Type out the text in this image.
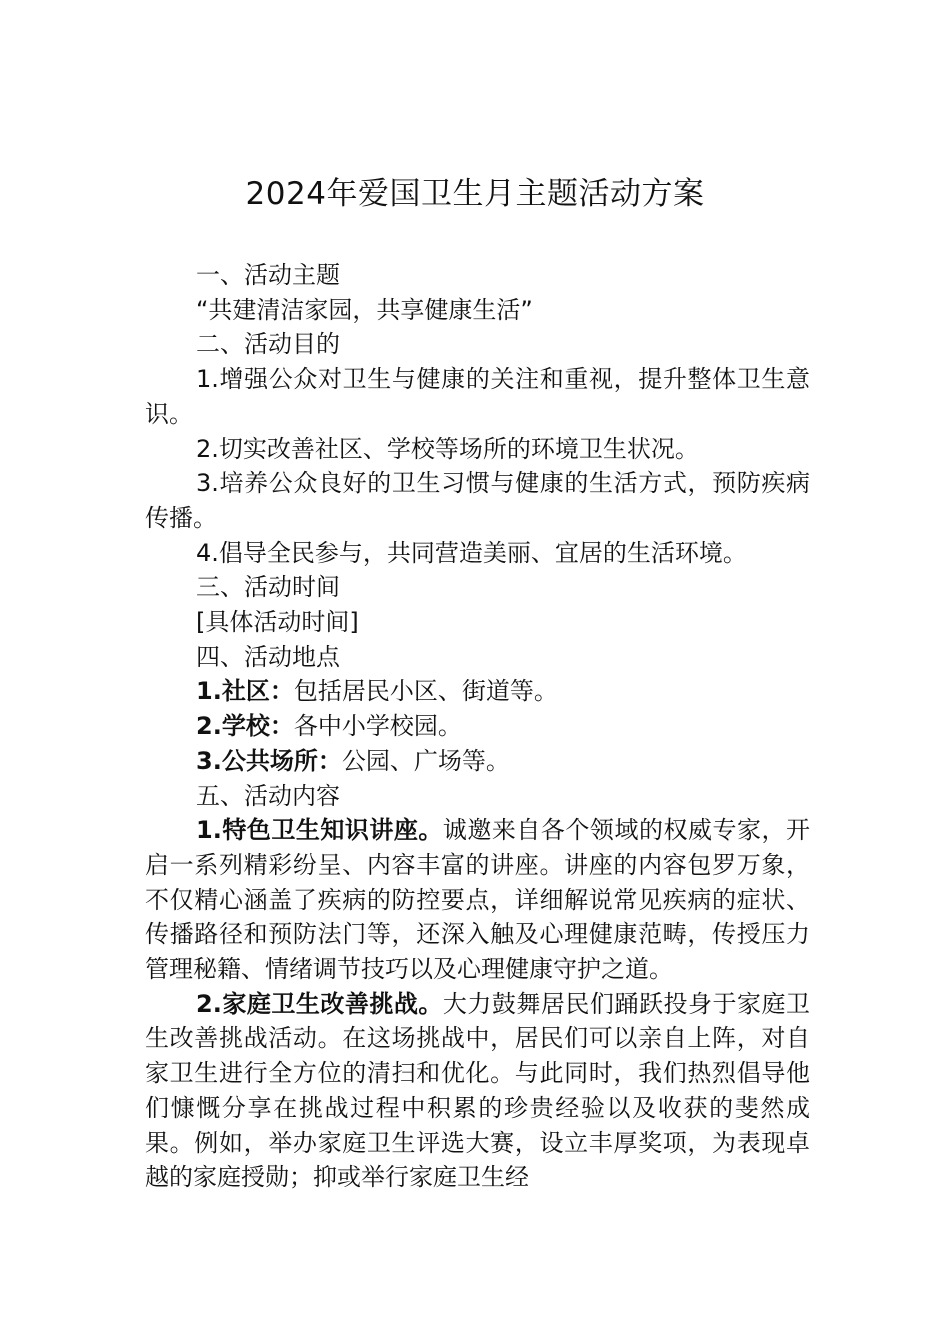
2024年爱国卫生月主题活动方案

一、活动主题

“共建清洁家园，共享健康生活”

二、活动目的

1.增强公众对卫生与健康的关注和重视，提升整体卫生意识。

2.切实改善社区、学校等场所的环境卫生状况。

3.培养公众良好的卫生习惯与健康的生活方式，预防疾病传播。

4.倡导全民参与，共同营造美丽、宜居的生活环境。

三、活动时间

[具体活动时间]

四、活动地点

1.社区：包括居民小区、街道等。

2.学校：各中小学校园。

3.公共场所：公园、广场等。

五、活动内容

1.特色卫生知识讲座。诚邀来自各个领域的权威专家，开启一系列精彩纷呈、内容丰富的讲座。讲座的内容包罗万象，不仅精心涵盖了疾病的防控要点，详细解说常见疾病的症状、传播路径和预防法门等，还深入触及心理健康范畴，传授压力管理秘籍、情绪调节技巧以及心理健康守护之道。

2.家庭卫生改善挑战。大力鼓舞居民们踊跃投身于家庭卫生改善挑战活动。在这场挑战中，居民们可以亲自上阵，对自家卫生进行全方位的清扫和优化。与此同时，我们热烈倡导他们慷慨分享在挑战过程中积累的珍贵经验以及收获的斐然成果。例如，举办家庭卫生评选大赛，设立丰厚奖项，为表现卓越的家庭授勋；抑或举行家庭卫生经
